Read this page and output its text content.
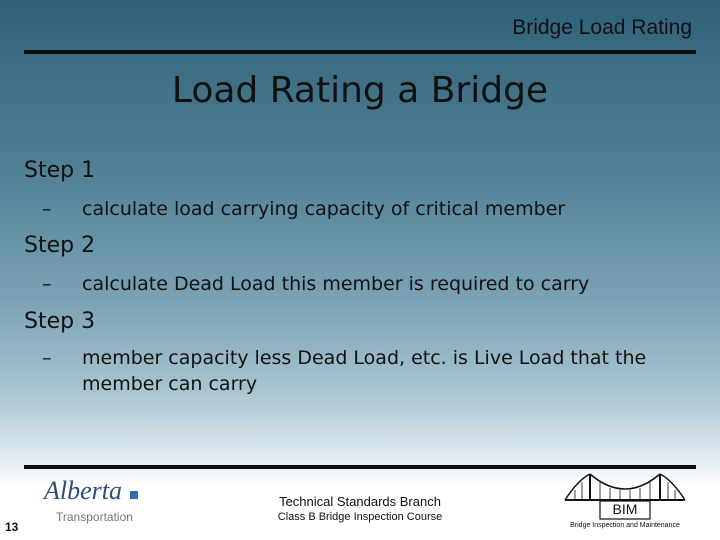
Bridge Load Rating
Load Rating a Bridge
Step 1
–	calculate load carrying capacity of critical member
Step 2
–	calculate Dead Load this member is required to carry
Step 3
–	member capacity less Dead Load, etc. is Live Load that the member can carry
13
Alberta
Transportation
Technical Standards Branch
Class B Bridge Inspection Course	BIM
Bridge Inspection and Maintenance
